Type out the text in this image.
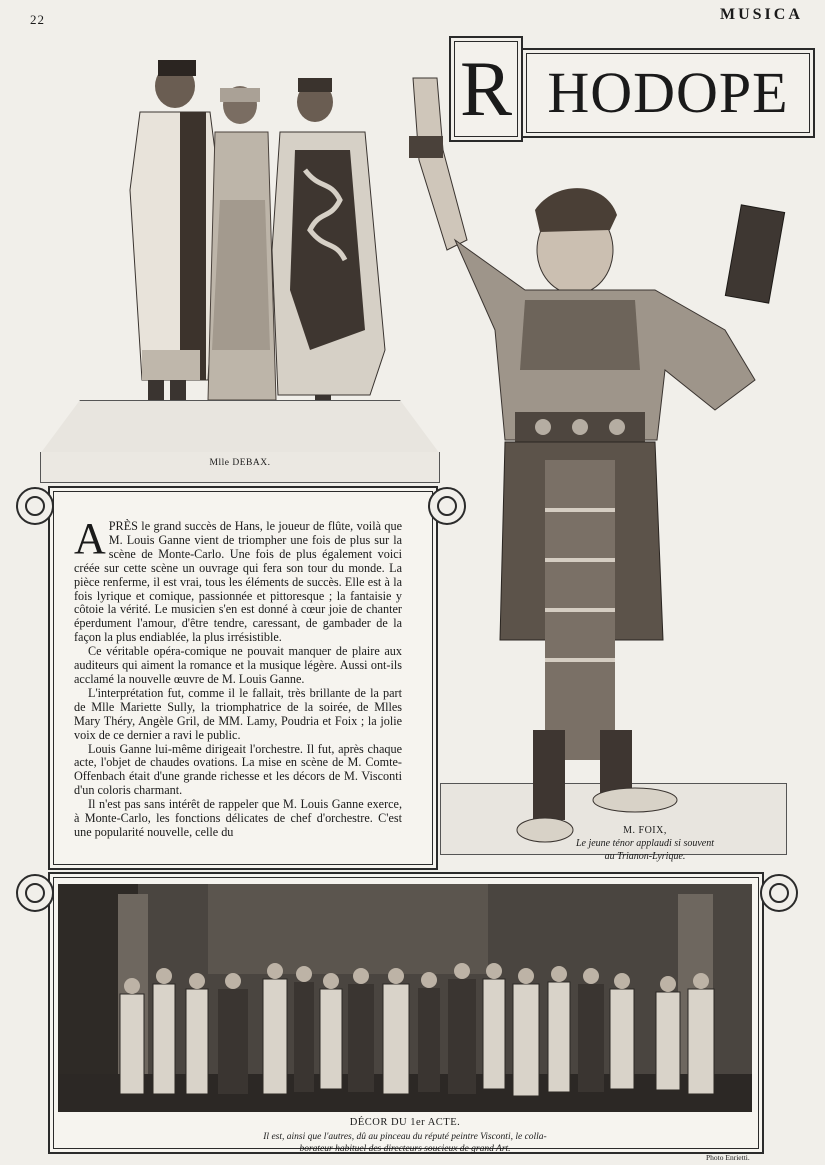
22	MUSICA
R HODOPE
Mlle DEBAX.
M. FOIX,
Le jeune ténor applaudi si souvent
au Trianon-Lyrique.

APRÈS le grand succès de Hans, le joueur de flûte, voilà que M. Louis Ganne vient de triompher une fois de plus sur la scène de Monte-Carlo. Une fois de plus également voici créée sur cette scène un ouvrage qui fera son tour du monde. La pièce renferme, il est vrai, tous les éléments de succès. Elle est à la fois lyrique et comique, passionnée et pittoresque ; la fantaisie y côtoie la vérité. Le musicien s'en est donné à cœur joie de chanter éperdument l'amour, d'être tendre, caressant, de gambader de la façon la plus endiablée, la plus irrésistible.

Ce véritable opéra-comique ne pouvait manquer de plaire aux auditeurs qui aiment la romance et la musique légère. Aussi ont-ils acclamé la nouvelle œuvre de M. Louis Ganne.

L'interprétation fut, comme il le fallait, très brillante de la part de Mlle Mariette Sully, la triomphatrice de la soirée, de Mlles Mary Théry, Angèle Gril, de MM. Lamy, Poudria et Foix ; la jolie voix de ce dernier a ravi le public.

Louis Ganne lui-même dirigeait l'orchestre. Il fut, après chaque acte, l'objet de chaudes ovations. La mise en scène de M. Comte-Offenbach était d'une grande richesse et les décors de M. Visconti d'un coloris charmant.

Il n'est pas sans intérêt de rappeler que M. Louis Ganne exerce, à Monte-Carlo, les fonctions délicates de chef d'orchestre. C'est une popularité nouvelle, celle du

DÉCOR DU 1er ACTE.
Il est, ainsi que l'autres, dû au pinceau du réputé peintre Visconti, le colla-
borateur habituel des directeurs soucieux de grand Art.
Photo Enrietti.
